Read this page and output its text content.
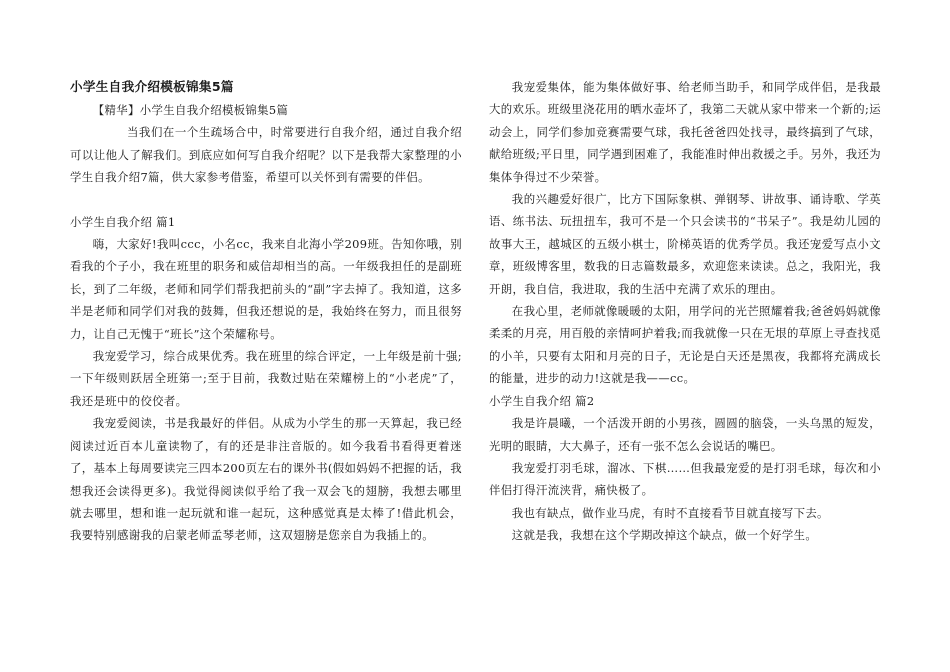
小学生自我介绍模板锦集5篇

【精华】小学生自我介绍模板锦集5篇

当我们在一个生疏场合中，时常要进行自我介绍，通过自我介绍可以让他人了解我们。到底应如何写自我介绍呢？以下是我帮大家整理的小学生自我介绍7篇，供大家参考借鉴，希望可以关怀到有需要的伴侣。

小学生自我介绍 篇1

嗨，大家好!我叫ccc，小名cc，我来自北海小学209班。告知你哦，别看我的个子小，我在班里的职务和威信却相当的高。一年级我担任的是副班长，到了二年级，老师和同学们帮我把前头的“副”字去掉了。我知道，这多半是老师和同学们对我的鼓舞，但我还想说的是，我始终在努力，而且很努力，让自己无愧于“班长”这个荣耀称号。

我宠爱学习，综合成果优秀。我在班里的综合评定，一上年级是前十强;一下年级则跃居全班第一;至于目前，我数过贴在荣耀榜上的“小老虎”了，我还是班中的佼佼者。

我宠爱阅读，书是我最好的伴侣。从成为小学生的那一天算起，我已经阅读过近百本儿童读物了，有的还是非注音版的。如今我看书看得更着迷了，基本上每周要读完三四本200页左右的课外书(假如妈妈不把握的话，我想我还会读得更多)。我觉得阅读似乎给了我一双会飞的翅膀，我想去哪里就去哪里，想和谁一起玩就和谁一起玩，这种感觉真是太棒了!借此机会，我要特别感谢我的启蒙老师孟琴老师，这双翅膀是您亲自为我插上的。

我宠爱集体，能为集体做好事、给老师当助手，和同学成伴侣，是我最大的欢乐。班级里浇花用的晒水壶坏了，我第二天就从家中带来一个新的;运动会上，同学们参加竞赛需要气球，我托爸爸四处找寻，最终搞到了气球，献给班级;平日里，同学遇到困难了，我能准时伸出救援之手。另外，我还为集体争得过不少荣誉。

我的兴趣爱好很广，比方下国际象棋、弹钢琴、讲故事、诵诗歌、学英语、练书法、玩扭扭车，我可不是一个只会读书的“书呆子”。我是幼儿园的故事大王，越城区的五级小棋士，阶梯英语的优秀学员。我还宠爱写点小文章，班级博客里，数我的日志篇数最多，欢迎您来读读。总之，我阳光，我开朗，我自信，我进取，我的生活中充满了欢乐的理由。

在我心里，老师就像暖暖的太阳，用学问的光芒照耀着我;爸爸妈妈就像柔柔的月亮，用百般的亲情呵护着我;而我就像一只在无垠的草原上寻查找觅的小羊，只要有太阳和月亮的日子，无论是白天还是黑夜，我都将充满成长的能量，进步的动力!这就是我——cc。

小学生自我介绍 篇2

我是许晨曦，一个活泼开朗的小男孩，圆圆的脑袋，一头乌黑的短发，光明的眼睛，大大鼻子，还有一张不怎么会说话的嘴巴。

我宠爱打羽毛球，溜冰、下棋……但我最宠爱的是打羽毛球，每次和小伴侣打得汗流浃背，痛快极了。

我也有缺点，做作业马虎，有时不直接看节目就直接写下去。

这就是我，我想在这个学期改掉这个缺点，做一个好学生。
